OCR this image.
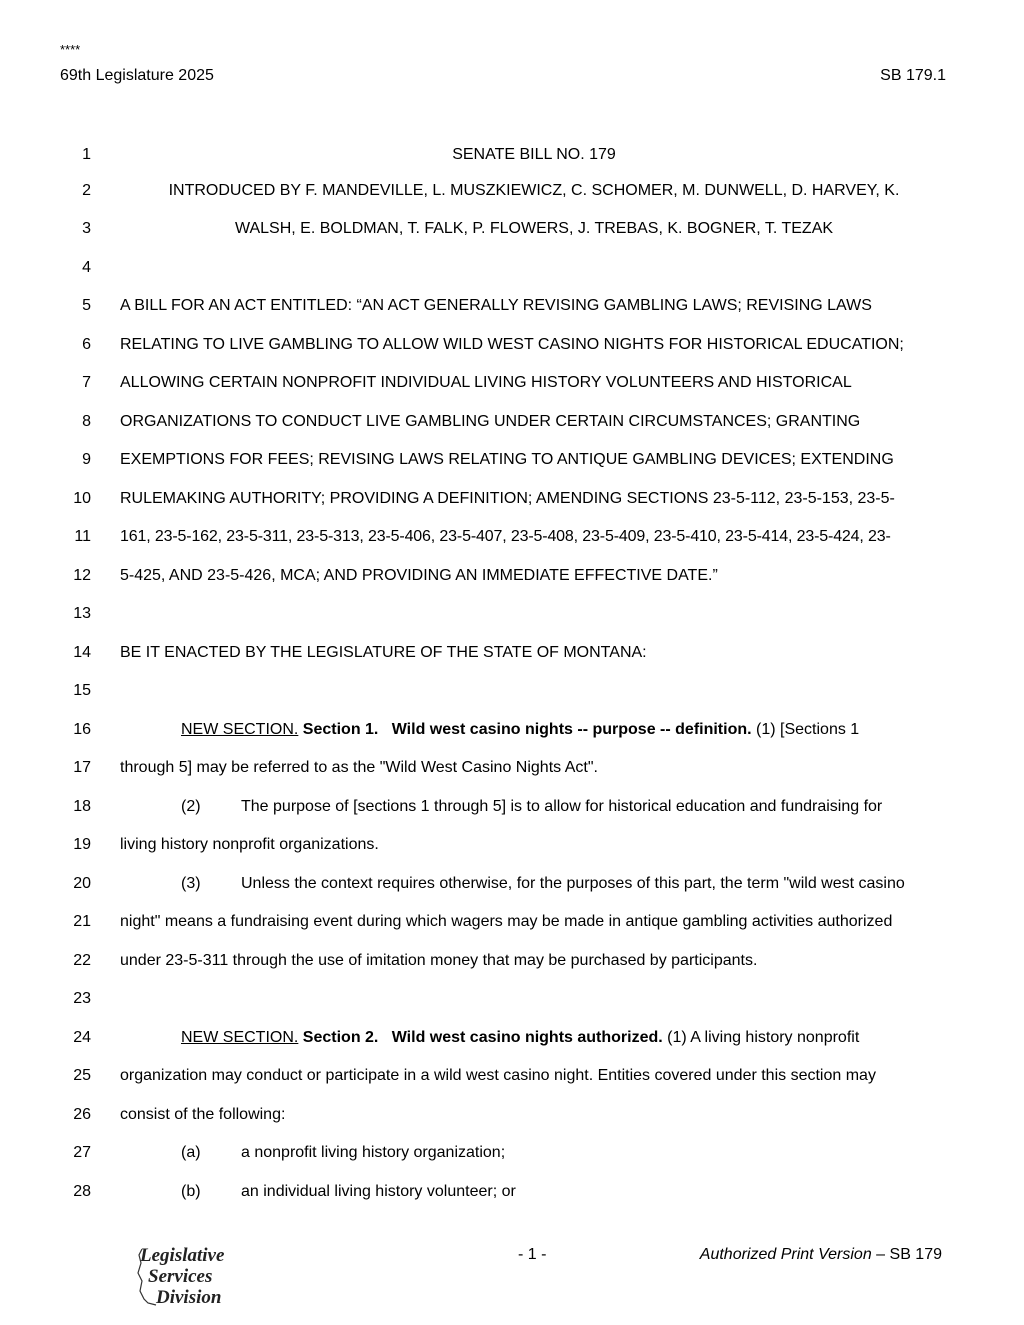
****
69th Legislature 2025	SB 179.1
1
2
3
4
5
6
7
8
9
10
11
12
13
14
15
16
17
18
19
20
21
22
23
24
25
26
27
28
SENATE BILL NO. 179
INTRODUCED BY F. MANDEVILLE, L. MUSZKIEWICZ, C. SCHOMER, M. DUNWELL, D. HARVEY, K.
WALSH, E. BOLDMAN, T. FALK, P. FLOWERS, J. TREBAS, K. BOGNER, T. TEZAK
A BILL FOR AN ACT ENTITLED: “AN ACT GENERALLY REVISING GAMBLING LAWS; REVISING LAWS
RELATING TO LIVE GAMBLING TO ALLOW WILD WEST CASINO NIGHTS FOR HISTORICAL EDUCATION;
ALLOWING CERTAIN NONPROFIT INDIVIDUAL LIVING HISTORY VOLUNTEERS AND HISTORICAL
ORGANIZATIONS TO CONDUCT LIVE GAMBLING UNDER CERTAIN CIRCUMSTANCES; GRANTING
EXEMPTIONS FOR FEES; REVISING LAWS RELATING TO ANTIQUE GAMBLING DEVICES; EXTENDING
RULEMAKING AUTHORITY; PROVIDING A DEFINITION; AMENDING SECTIONS 23-5-112, 23-5-153, 23-5-
161, 23-5-162, 23-5-311, 23-5-313, 23-5-406, 23-5-407, 23-5-408, 23-5-409, 23-5-410, 23-5-414, 23-5-424, 23-
5-425, AND 23-5-426, MCA; AND PROVIDING AN IMMEDIATE EFFECTIVE DATE.”
BE IT ENACTED BY THE LEGISLATURE OF THE STATE OF MONTANA:
NEW SECTION. Section 1. Wild west casino nights -- purpose -- definition. (1) [Sections 1
through 5] may be referred to as the "Wild West Casino Nights Act".
(2)	The purpose of [sections 1 through 5] is to allow for historical education and fundraising for
living history nonprofit organizations.
(3)	Unless the context requires otherwise, for the purposes of this part, the term "wild west casino
night" means a fundraising event during which wagers may be made in antique gambling activities authorized
under 23-5-311 through the use of imitation money that may be purchased by participants.
NEW SECTION. Section 2. Wild west casino nights authorized. (1) A living history nonprofit
organization may conduct or participate in a wild west casino night. Entities covered under this section may
consist of the following:
(a)	a nonprofit living history organization;
(b)	an individual living history volunteer; or
Legislative
Services
Division
- 1 -	Authorized Print Version – SB 179
